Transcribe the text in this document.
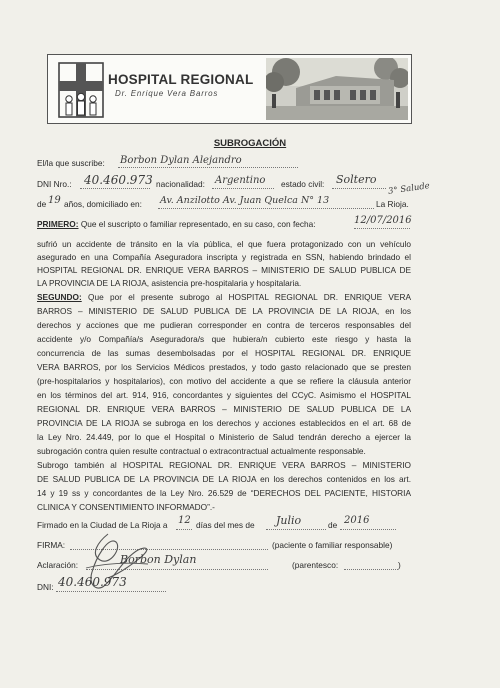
HOSPITAL REGIONAL
Dr. Enrique Vera Barros
SUBROGACIÓN
El/la que suscribe: Borbon Dylan Alejandro
DNI Nro.: 40.460.973 nacionalidad: Argentino estado civil: Soltero
3° Salude
de 19 años, domiciliado en: Av. Anzilotto Av. Juan Quelca N° 13	La Rioja.
PRIMERO: Que el suscripto o familiar representado, en su caso, con fecha:	12/07/2016
sufrió un accidente de tránsito en la vía pública, el que fuera protagonizado con un vehículo
asegurado en una Compañía Aseguradora inscripta y registrada en SSN, habiendo brindado el
HOSPITAL REGIONAL DR. ENRIQUE VERA BARROS – MINISTERIO DE SALUD PUBLICA DE
LA PROVINCIA DE LA RIOJA, asistencia pre-hospitalaria y hospitalaria.
SEGUNDO: Que por el presente subrogo al HOSPITAL REGIONAL DR. ENRIQUE VERA
BARROS – MINISTERIO DE SALUD PUBLICA DE LA PROVINCIA DE LA RIOJA, en los
derechos y acciones que me pudieran corresponder en contra de terceros responsables del
accidente y/o Compañía/s Aseguradora/s que hubiera/n cubierto este riesgo y hasta la
concurrencia de las sumas desembolsadas por el HOSPITAL REGIONAL DR. ENRIQUE
VERA BARROS, por los Servicios Médicos prestados, y todo gasto relacionado que se presten
(pre-hospitalarios y hospitalarios), con motivo del accidente a que se refiere la cláusula anterior
en los términos del art. 914, 916, concordantes y siguientes del CCyC. Asimismo el HOSPITAL
REGIONAL DR. ENRIQUE VERA BARROS – MINISTERIO DE SALUD PUBLICA DE LA
PROVINCIA DE LA RIOJA se subroga en los derechos y acciones establecidos en el art. 68 de
la Ley Nro. 24.449, por lo que el Hospital o Ministerio de Salud tendrán derecho a ejercer la
subrogación contra quien resulte contractual o extracontractual actualmente responsable.
Subrogo también al HOSPITAL REGIONAL DR. ENRIQUE VERA BARROS – MINISTERIO
DE SALUD PUBLICA DE LA PROVINCIA DE LA RIOJA en los derechos contenidos en los art.
14 y 19 ss y concordantes de la Ley Nro. 26.529 de “DERECHOS DEL PACIENTE, HISTORIA
CLINICA Y CONSENTIMIENTO INFORMADO”.-
Firmado en la Ciudad de La Rioja a 12 días del mes de Julio	de 2016
FIRMA:	(paciente o familiar responsable)
Aclaración:	Borbon Dylan	(parentesco:	)
DNI: 40.460.973
